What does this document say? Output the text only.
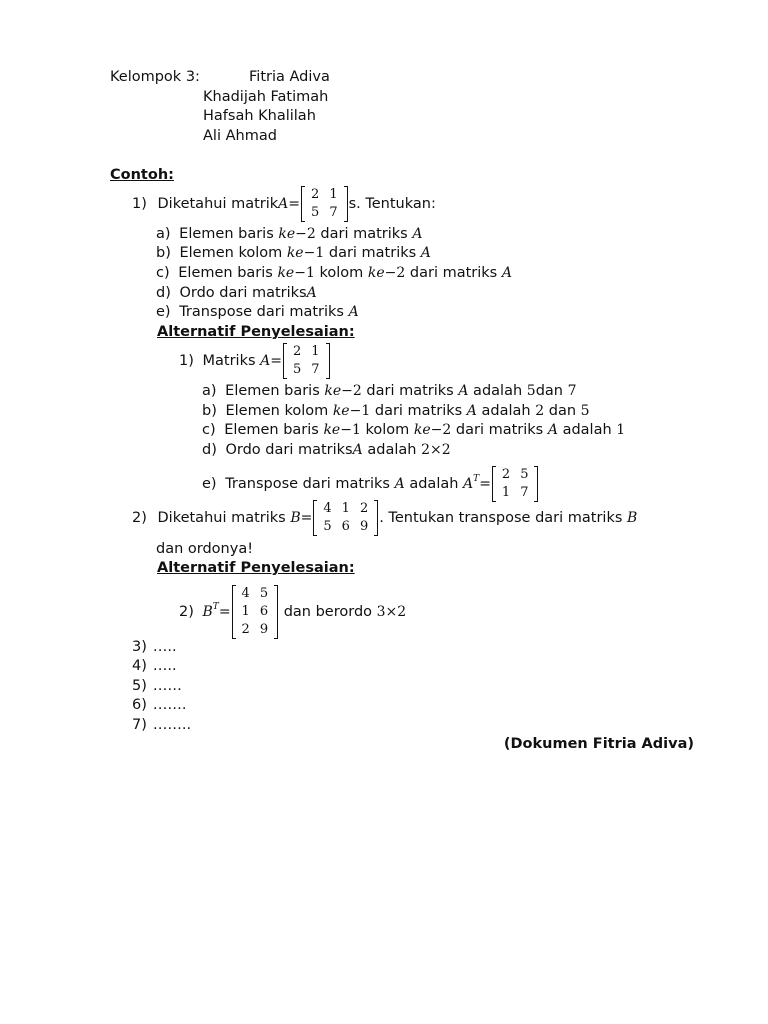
Kelompok 3:	Fitria Adiva
Khadijah Fatimah
Hafsah Khalilah
Ali Ahmad
Contoh:
1) Diketahui matrikA=
2	1
5	7
s. Tentukan:
a) Elemen baris ke−2 dari matriks A
b) Elemen kolom ke−1 dari matriks A
c) Elemen baris ke−1 kolom ke−2 dari matriks A
d) Ordo dari matriksA
e) Transpose dari matriks A
Alternatif Penyelesaian:
1) Matriks A=
2	1
5	7
a) Elemen baris ke−2 dari matriks A adalah 5dan 7
b) Elemen kolom ke−1 dari matriks A adalah 2 dan 5
c) Elemen baris ke−1 kolom ke−2 dari matriks A adalah 1
d) Ordo dari matriksA adalah 2×2
e) Transpose dari matriks A adalah $A^T=$
2	5
1	7
2) Diketahui matriks B=
4	1	2
5	6	9
. Tentukan transpose dari matriks B
dan ordonya!
Alternatif Penyelesaian:
2) $B^T=$
4	5
1	6
2	9
dan berordo 3×2
3) …..
4) …..
5) ……
6) …….
7) ……..
(Dokumen Fitria Adiva)
